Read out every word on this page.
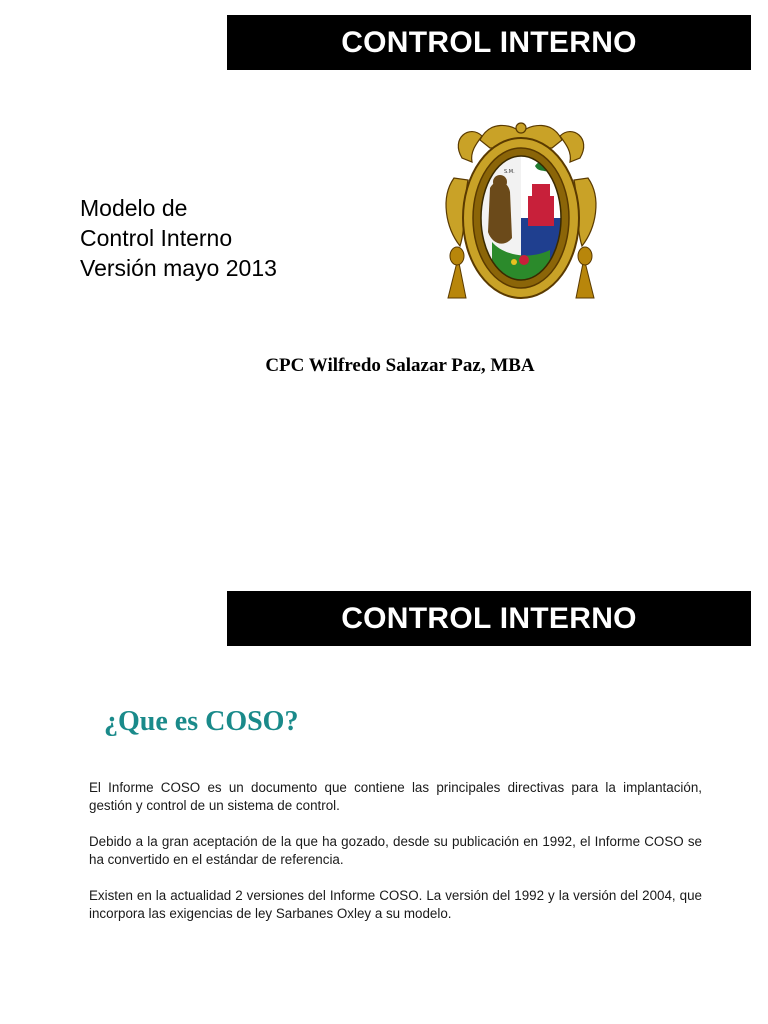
CONTROL INTERNO
Modelo de
Control Interno
Versión mayo 2013
S.M.
CPC Wilfredo Salazar Paz, MBA
CONTROL INTERNO
¿Que es COSO?

El Informe COSO es un documento que contiene las principales directivas para la implantación, gestión y control de un sistema de control.

Debido a la gran aceptación de la que ha gozado, desde su publicación en 1992, el Informe COSO se ha convertido en el estándar de referencia.

Existen en la actualidad 2 versiones del Informe COSO. La versión del 1992 y la versión del 2004, que incorpora las exigencias de ley Sarbanes Oxley a su modelo.
